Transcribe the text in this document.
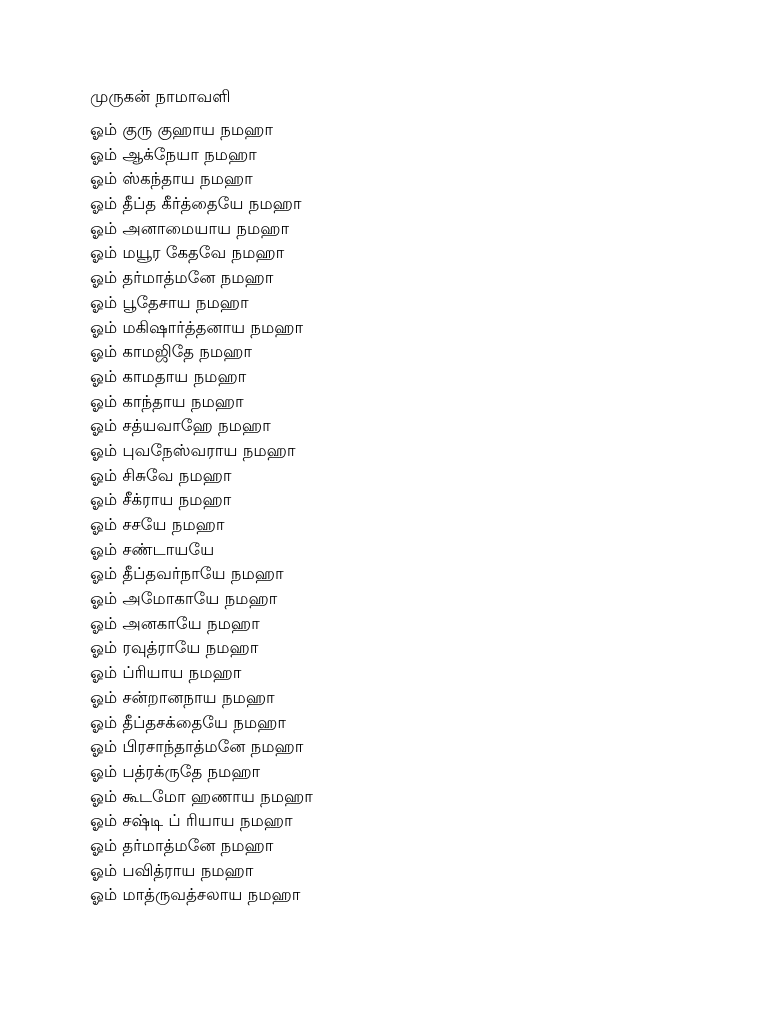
முருகன் நாமாவளி
ஓம் குரு குஹாய நமஹா
ஓம் ஆக்நேயா நமஹா
ஓம் ஸ்கந்தாய நமஹா
ஓம் தீப்த கீர்த்தையே நமஹா
ஓம் அனாமையாய நமஹா
ஓம் மயூர கேதவே நமஹா
ஓம் தர்மாத்மனே நமஹா
ஓம் பூதேசாய நமஹா
ஓம் மகிஷார்த்தனாய நமஹா
ஓம் காமஜிதே நமஹா
ஓம் காமதாய நமஹா
ஓம் காந்தாய நமஹா
ஓம் சத்யவாஹே நமஹா
ஓம் புவநேஸ்வராய நமஹா
ஓம் சிசுவே நமஹா
ஓம் சீக்ராய நமஹா
ஓம் சசயே நமஹா
ஓம் சண்டாயயே
ஓம் தீப்தவர்நாயே நமஹா
ஓம் அமோகாயே நமஹா
ஓம் அனகாயே நமஹா
ஓம் ரவுத்ராயே நமஹா
ஓம் ப்ரியாய நமஹா
ஓம் சன்றானநாய நமஹா
ஓம் தீப்தசக்தையே நமஹா
ஓம் பிரசாந்தாத்மனே நமஹா
ஓம் பத்ரக்ருதே நமஹா
ஓம் கூடமோ ஹணாய நமஹா
ஓம் சஷ்டி ப் ரியாய நமஹா
ஓம் தர்மாத்மனே நமஹா
ஓம் பவித்ராய நமஹா
ஓம் மாத்ருவத்சலாய நமஹா
